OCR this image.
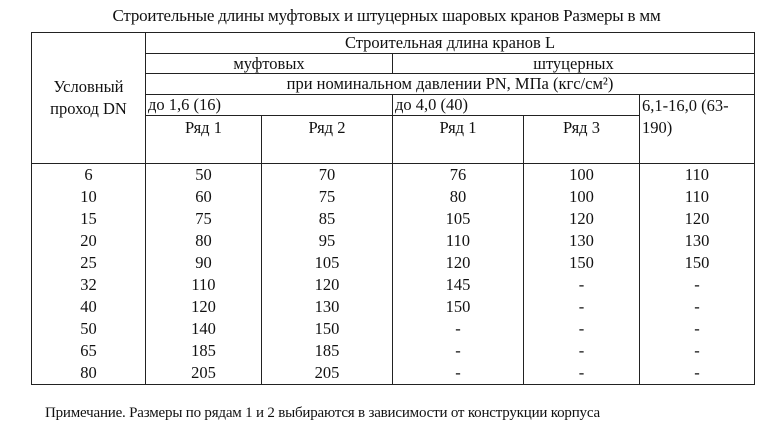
Строительные длины муфтовых и штуцерных шаровых кранов Размеры в мм
Условный проход DN	Строительная длина кранов L				
	муфтовых		штуцерных		
	при номинальном давлении PN, МПа (кгс/см²)				
	до 1,6 (16)		до 4,0 (40)		6,1-16,0 (63-190)
	Ряд 1	Ряд 2	Ряд 1	Ряд 3	
6	50	70	76	100	110
10	60	75	80	100	110
15	75	85	105	120	120
20	80	95	110	130	130
25	90	105	120	150	150
32	110	120	145	-	-
40	120	130	150	-	-
50	140	150	-	-	-
65	185	185	-	-	-
80	205	205	-	-	-
Примечание. Размеры по рядам 1 и 2 выбираются в зависимости от конструкции корпуса
